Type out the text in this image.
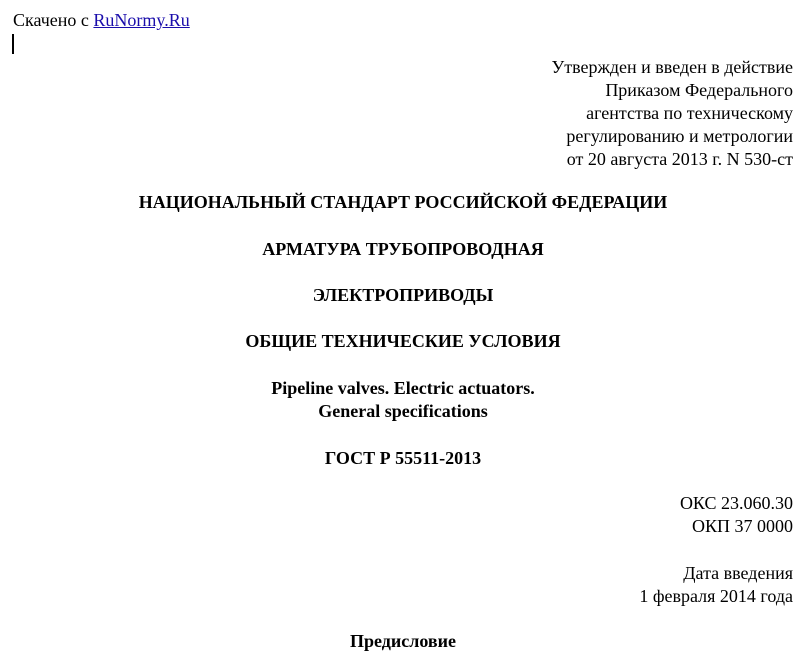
Скачено с RuNormy.Ru
Утвержден и введен в действие
Приказом Федерального
агентства по техническому
регулированию и метрологии
от 20 августа 2013 г. N 530-ст
НАЦИОНАЛЬНЫЙ СТАНДАРТ РОССИЙСКОЙ ФЕДЕРАЦИИ
АРМАТУРА ТРУБОПРОВОДНАЯ
ЭЛЕКТРОПРИВОДЫ
ОБЩИЕ ТЕХНИЧЕСКИЕ УСЛОВИЯ
Pipeline valves. Electric actuators.
General specifications
ГОСТ Р 55511-2013
ОКС 23.060.30
ОКП 37 0000
Дата введения
1 февраля 2014 года
Предисловие
